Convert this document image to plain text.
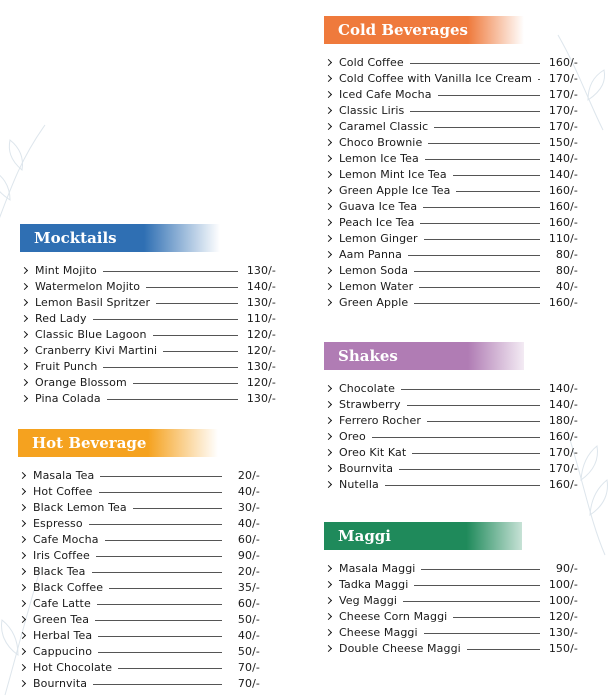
Cold Beverages
Cold Coffee	160/-
Cold Coffee with Vanilla Ice Cream 170/-
Iced Cafe Mocha	170/-
Classic Liris	170/-
Caramel Classic	170/-
Choco Brownie	150/-
Lemon Ice Tea	140/-
Lemon Mint Ice Tea	140/-
Green Apple Ice Tea	160/-
Guava Ice Tea	160/-
Peach Ice Tea	160/-
Lemon Ginger	110/-
Aam Panna	80/-
Lemon Soda	80/-
Lemon Water	40/-
Green Apple	160/-
Mocktails
Mint Mojito	130/-
Watermelon Mojito	140/-
Lemon Basil Spritzer	130/-
Red Lady	110/-
Classic Blue Lagoon	120/-
Cranberry Kivi Martini	120/-
Fruit Punch	130/-
Orange Blossom	120/-
Pina Colada	130/-
Hot Beverage
Masala Tea	20/-
Hot Coffee	40/-
Black Lemon Tea	30/-
Espresso	40/-
Cafe Mocha	60/-
Iris Coffee	90/-
Black Tea	20/-
Black Coffee	35/-
Cafe Latte	60/-
Green Tea	50/-
Herbal Tea	40/-
Cappucino	50/-
Hot Chocolate	70/-
Bournvita	70/-
Shakes
Chocolate	140/-
Strawberry	140/-
Ferrero Rocher	180/-
Oreo	160/-
Oreo Kit Kat	170/-
Bournvita	170/-
Nutella	160/-
Maggi
Masala Maggi	90/-
Tadka Maggi	100/-
Veg Maggi	100/-
Cheese Corn Maggi	120/-
Cheese Maggi	130/-
Double Cheese Maggi	150/-
